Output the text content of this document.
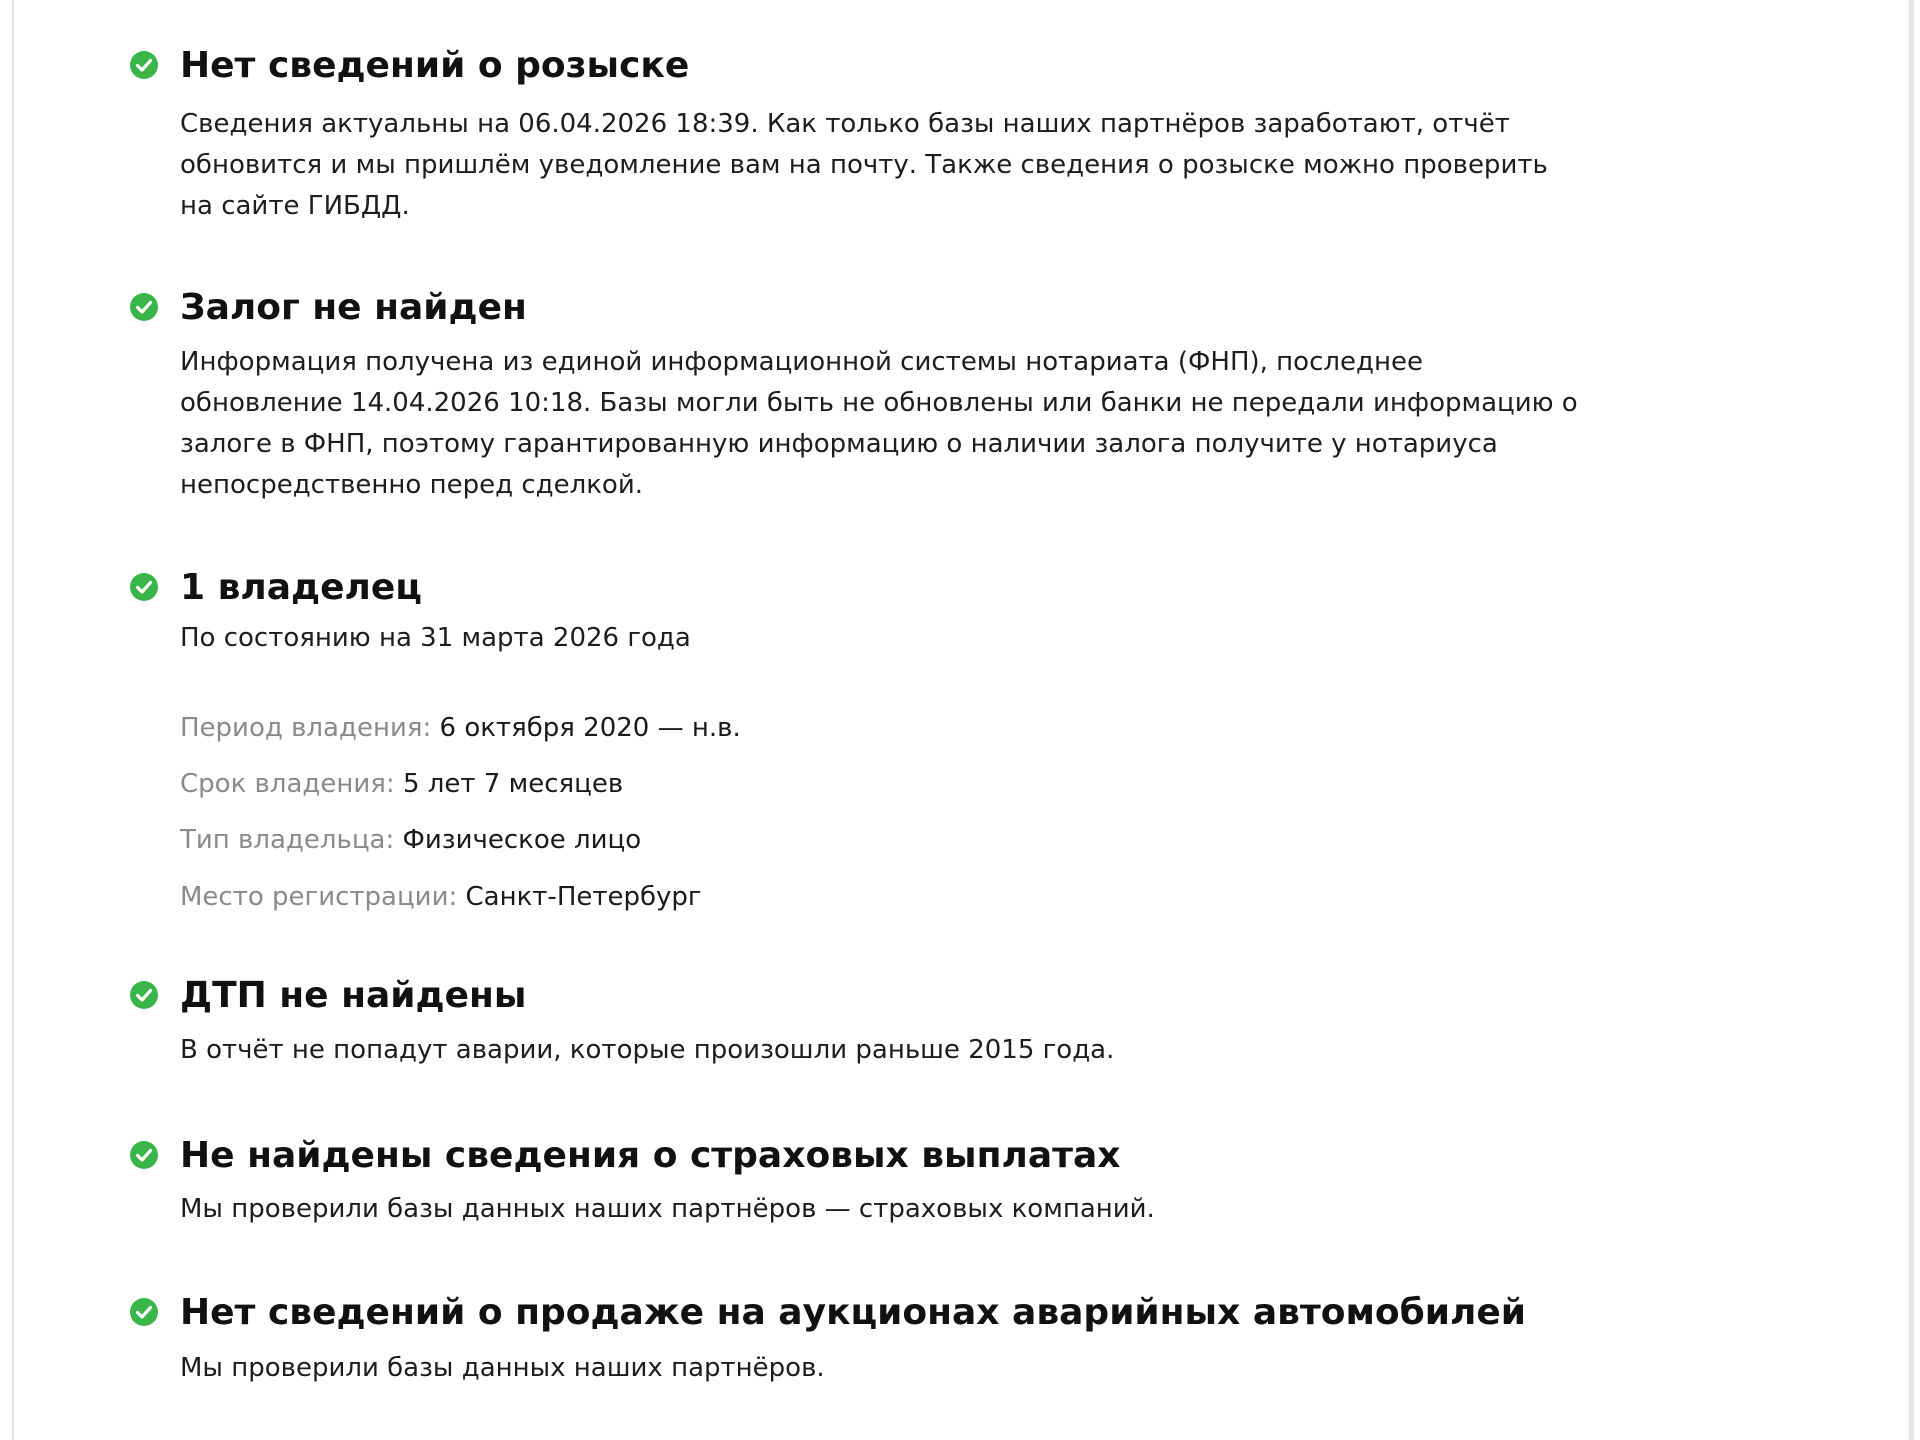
Нет сведений о розыске

Сведения актуальны на 06.04.2026 18:39. Как только базы наших партнёров заработают, отчёт
обновится и мы пришлём уведомление вам на почту. Также сведения о розыске можно проверить
на сайте ГИБДД.

Залог не найден

Информация получена из единой информационной системы нотариата (ФНП), последнее
обновление 14.04.2026 10:18. Базы могли быть не обновлены или банки не передали информацию о
залоге в ФНП, поэтому гарантированную информацию о наличии залога получите у нотариуса
непосредственно перед сделкой.

1 владелец

По состоянию на 31 марта 2026 года

Период владения: 6 октября 2020 — н.в.
Срок владения: 5 лет 7 месяцев
Тип владельца: Физическое лицо
Место регистрации: Санкт-Петербург
ДТП не найдены

В отчёт не попадут аварии, которые произошли раньше 2015 года.

Не найдены сведения о страховых выплатах

Мы проверили базы данных наших партнёров — страховых компаний.

Нет сведений о продаже на аукционах аварийных автомобилей

Мы проверили базы данных наших партнёров.
